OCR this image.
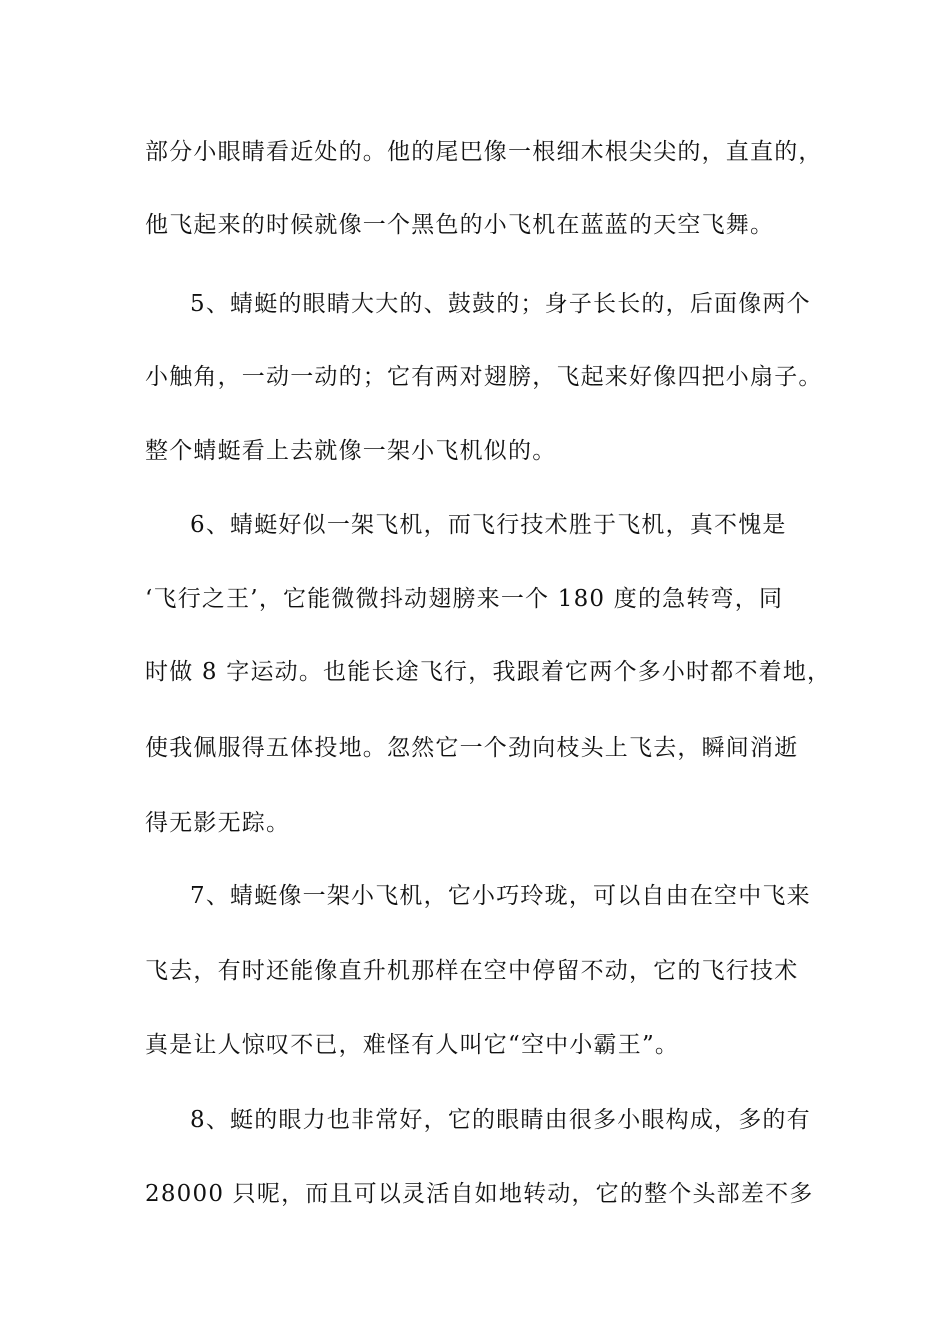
部分小眼睛看近处的。他的尾巴像一根细木根尖尖的，直直的，
他飞起来的时候就像一个黑色的小飞机在蓝蓝的天空飞舞。
5、蜻蜓的眼睛大大的、鼓鼓的；身子长长的，后面像两个
小触角，一动一动的；它有两对翅膀，飞起来好像四把小扇子。
整个蜻蜓看上去就像一架小飞机似的。
6、蜻蜓好似一架飞机，而飞行技术胜于飞机，真不愧是
‘飞行之王’，它能微微抖动翅膀来一个 180 度的急转弯，同
时做 8 字运动。也能长途飞行，我跟着它两个多小时都不着地，
使我佩服得五体投地。忽然它一个劲向枝头上飞去，瞬间消逝
得无影无踪。
7、蜻蜓像一架小飞机，它小巧玲珑，可以自由在空中飞来
飞去，有时还能像直升机那样在空中停留不动，它的飞行技术
真是让人惊叹不已，难怪有人叫它“空中小霸王”。
8、蜓的眼力也非常好，它的眼睛由很多小眼构成，多的有
28000 只呢，而且可以灵活自如地转动，它的整个头部差不多
